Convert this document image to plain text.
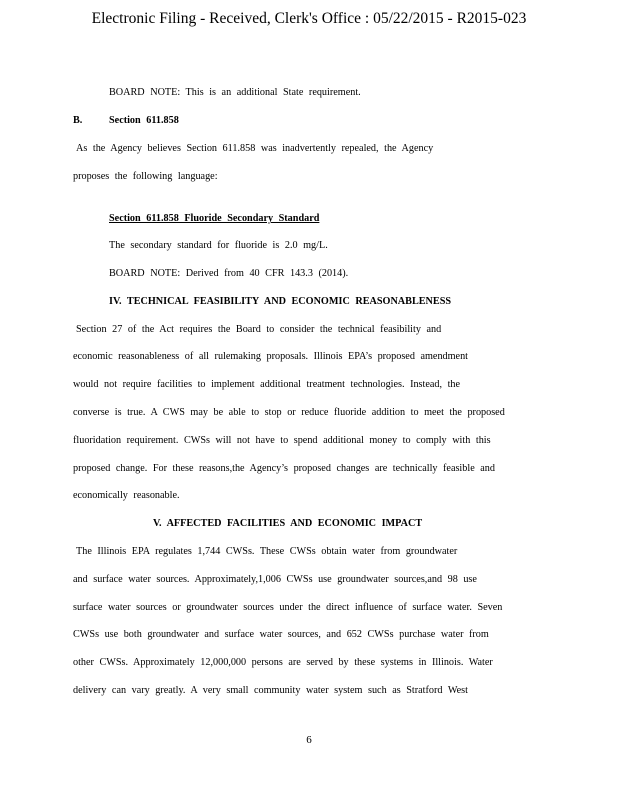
Electronic Filing - Received, Clerk's Office : 05/22/2015 - R2015-023
BOARD NOTE: This is an additional State requirement.
B.	Section 611.858
As the Agency believes Section 611.858 was inadvertently repealed, the Agency
proposes the following language:
Section 611.858 Fluoride Secondary Standard
The secondary standard for fluoride is 2.0 mg/L.
BOARD NOTE: Derived from 40 CFR 143.3 (2014).
IV. TECHNICAL FEASIBILITY AND ECONOMIC REASONABLENESS
Section 27 of the Act requires the Board to consider the technical feasibility and
economic reasonableness of all rulemaking proposals. Illinois EPA’s proposed amendment
would not require facilities to implement additional treatment technologies. Instead, the
converse is true. A CWS may be able to stop or reduce fluoride addition to meet the proposed
fluoridation requirement. CWSs will not have to spend additional money to comply with this
proposed change. For these reasons,the Agency’s proposed changes are technically feasible and
economically reasonable.
V. AFFECTED FACILITIES AND ECONOMIC IMPACT
The Illinois EPA regulates 1,744 CWSs. These CWSs obtain water from groundwater
and surface water sources. Approximately,1,006 CWSs use groundwater sources,and 98 use
surface water sources or groundwater sources under the direct influence of surface water. Seven
CWSs use both groundwater and surface water sources, and 652 CWSs purchase water from
other CWSs. Approximately 12,000,000 persons are served by these systems in Illinois. Water
delivery can vary greatly. A very small community water system such as Stratford West
6
